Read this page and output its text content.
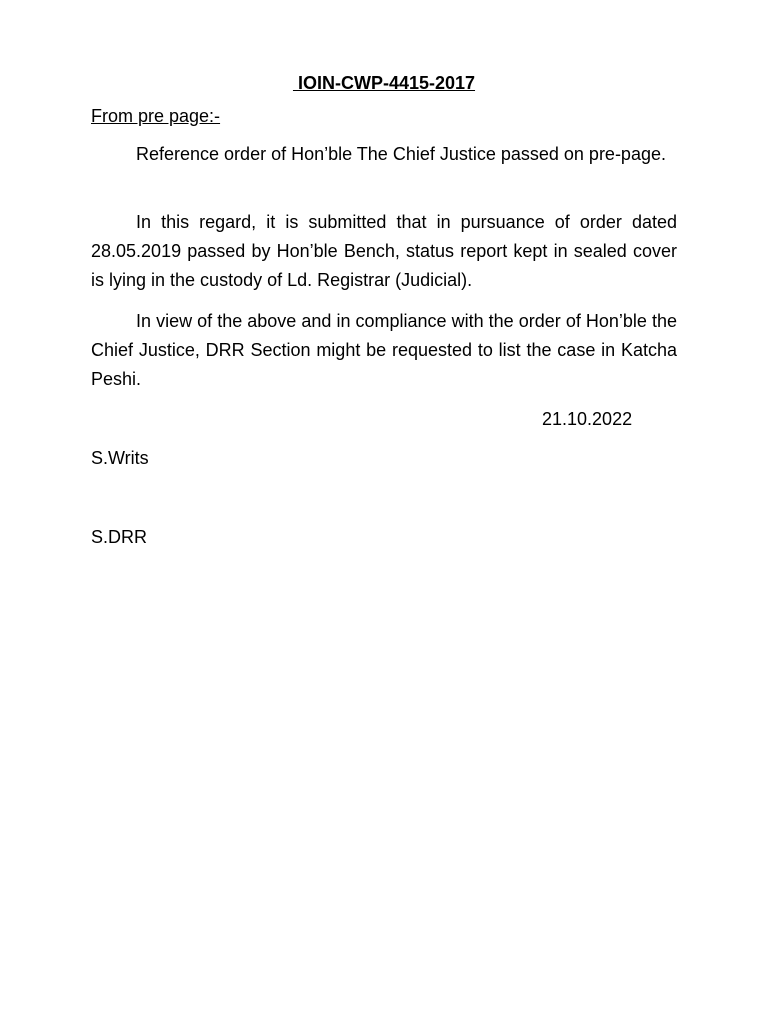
IOIN-CWP-4415-2017
From pre page:-

Reference order of Hon’ble The Chief Justice passed on pre-page.

In this regard, it is submitted that in pursuance of order dated 28.05.2019 passed by Hon’ble Bench, status report kept in sealed cover is lying in the custody of Ld. Registrar (Judicial).

In view of the above and in compliance with the order of Hon’ble the Chief Justice, DRR Section might be requested to list the case in Katcha Peshi.

21.10.2022
S.Writs
S.DRR
